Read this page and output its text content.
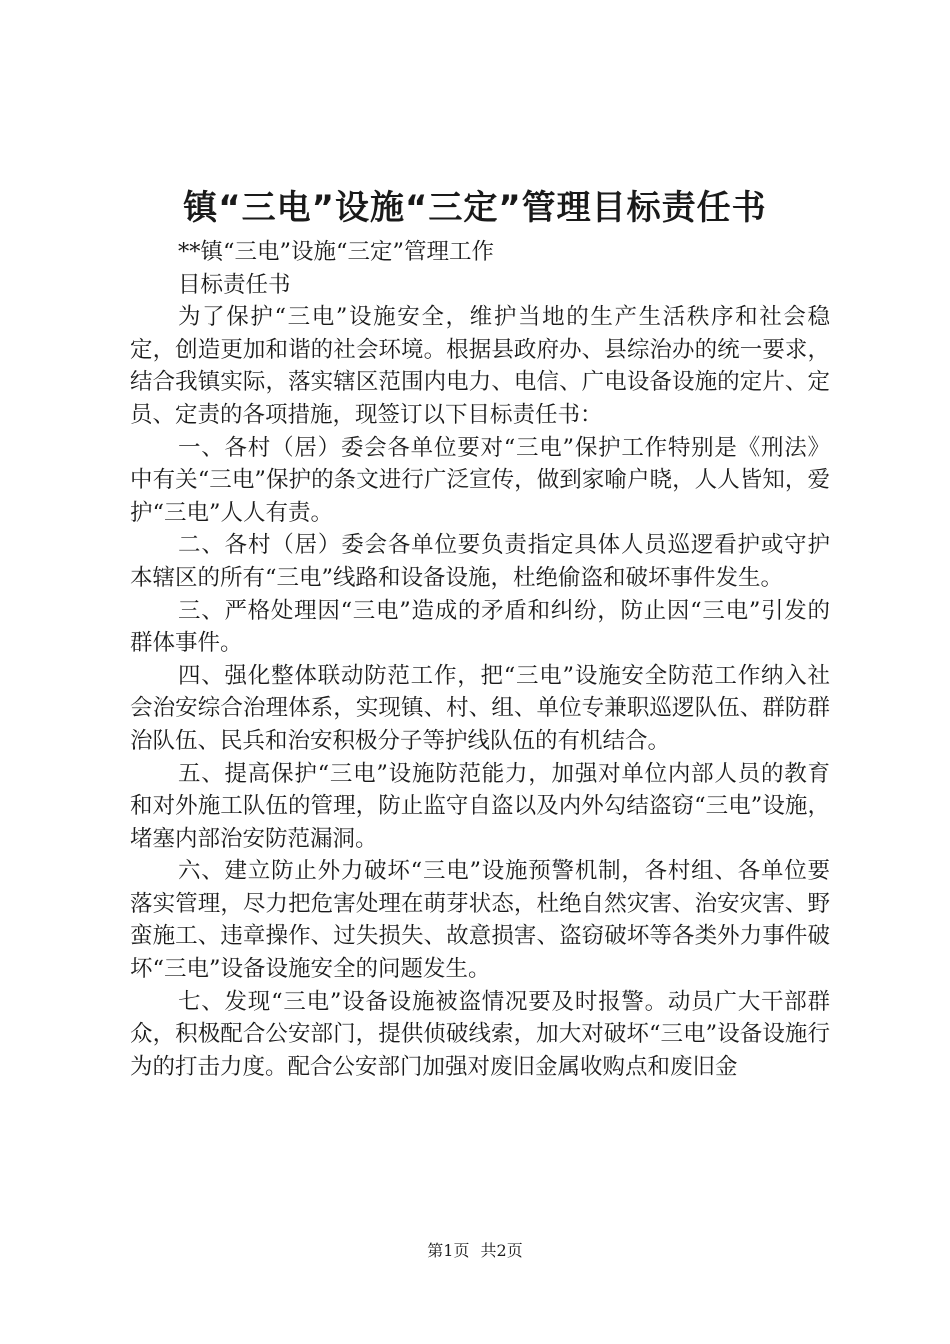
镇“三电”设施“三定”管理目标责任书

**镇“三电”设施“三定”管理工作

目标责任书

为了保护“三电”设施安全，维护当地的生产生活秩序和社会稳定，创造更加和谐的社会环境。根据县政府办、县综治办的统一要求，结合我镇实际，落实辖区范围内电力、电信、广电设备设施的定片、定员、定责的各项措施，现签订以下目标责任书：

一、各村（居）委会各单位要对“三电”保护工作特别是《刑法》中有关“三电”保护的条文进行广泛宣传，做到家喻户晓，人人皆知，爱护“三电”人人有责。

二、各村（居）委会各单位要负责指定具体人员巡逻看护或守护本辖区的所有“三电”线路和设备设施，杜绝偷盗和破坏事件发生。

三、严格处理因“三电”造成的矛盾和纠纷，防止因“三电”引发的群体事件。

四、强化整体联动防范工作，把“三电”设施安全防范工作纳入社会治安综合治理体系，实现镇、村、组、单位专兼职巡逻队伍、群防群治队伍、民兵和治安积极分子等护线队伍的有机结合。

五、提高保护“三电”设施防范能力，加强对单位内部人员的教育和对外施工队伍的管理，防止监守自盗以及内外勾结盗窃“三电”设施，堵塞内部治安防范漏洞。

六、建立防止外力破坏“三电”设施预警机制，各村组、各单位要落实管理，尽力把危害处理在萌芽状态，杜绝自然灾害、治安灾害、野蛮施工、违章操作、过失损失、故意损害、盗窃破坏等各类外力事件破坏“三电”设备设施安全的问题发生。

七、发现“三电”设备设施被盗情况要及时报警。动员广大干部群众，积极配合公安部门，提供侦破线索，加大对破坏“三电”设备设施行为的打击力度。配合公安部门加强对废旧金属收购点和废旧金

第1页 共2页
